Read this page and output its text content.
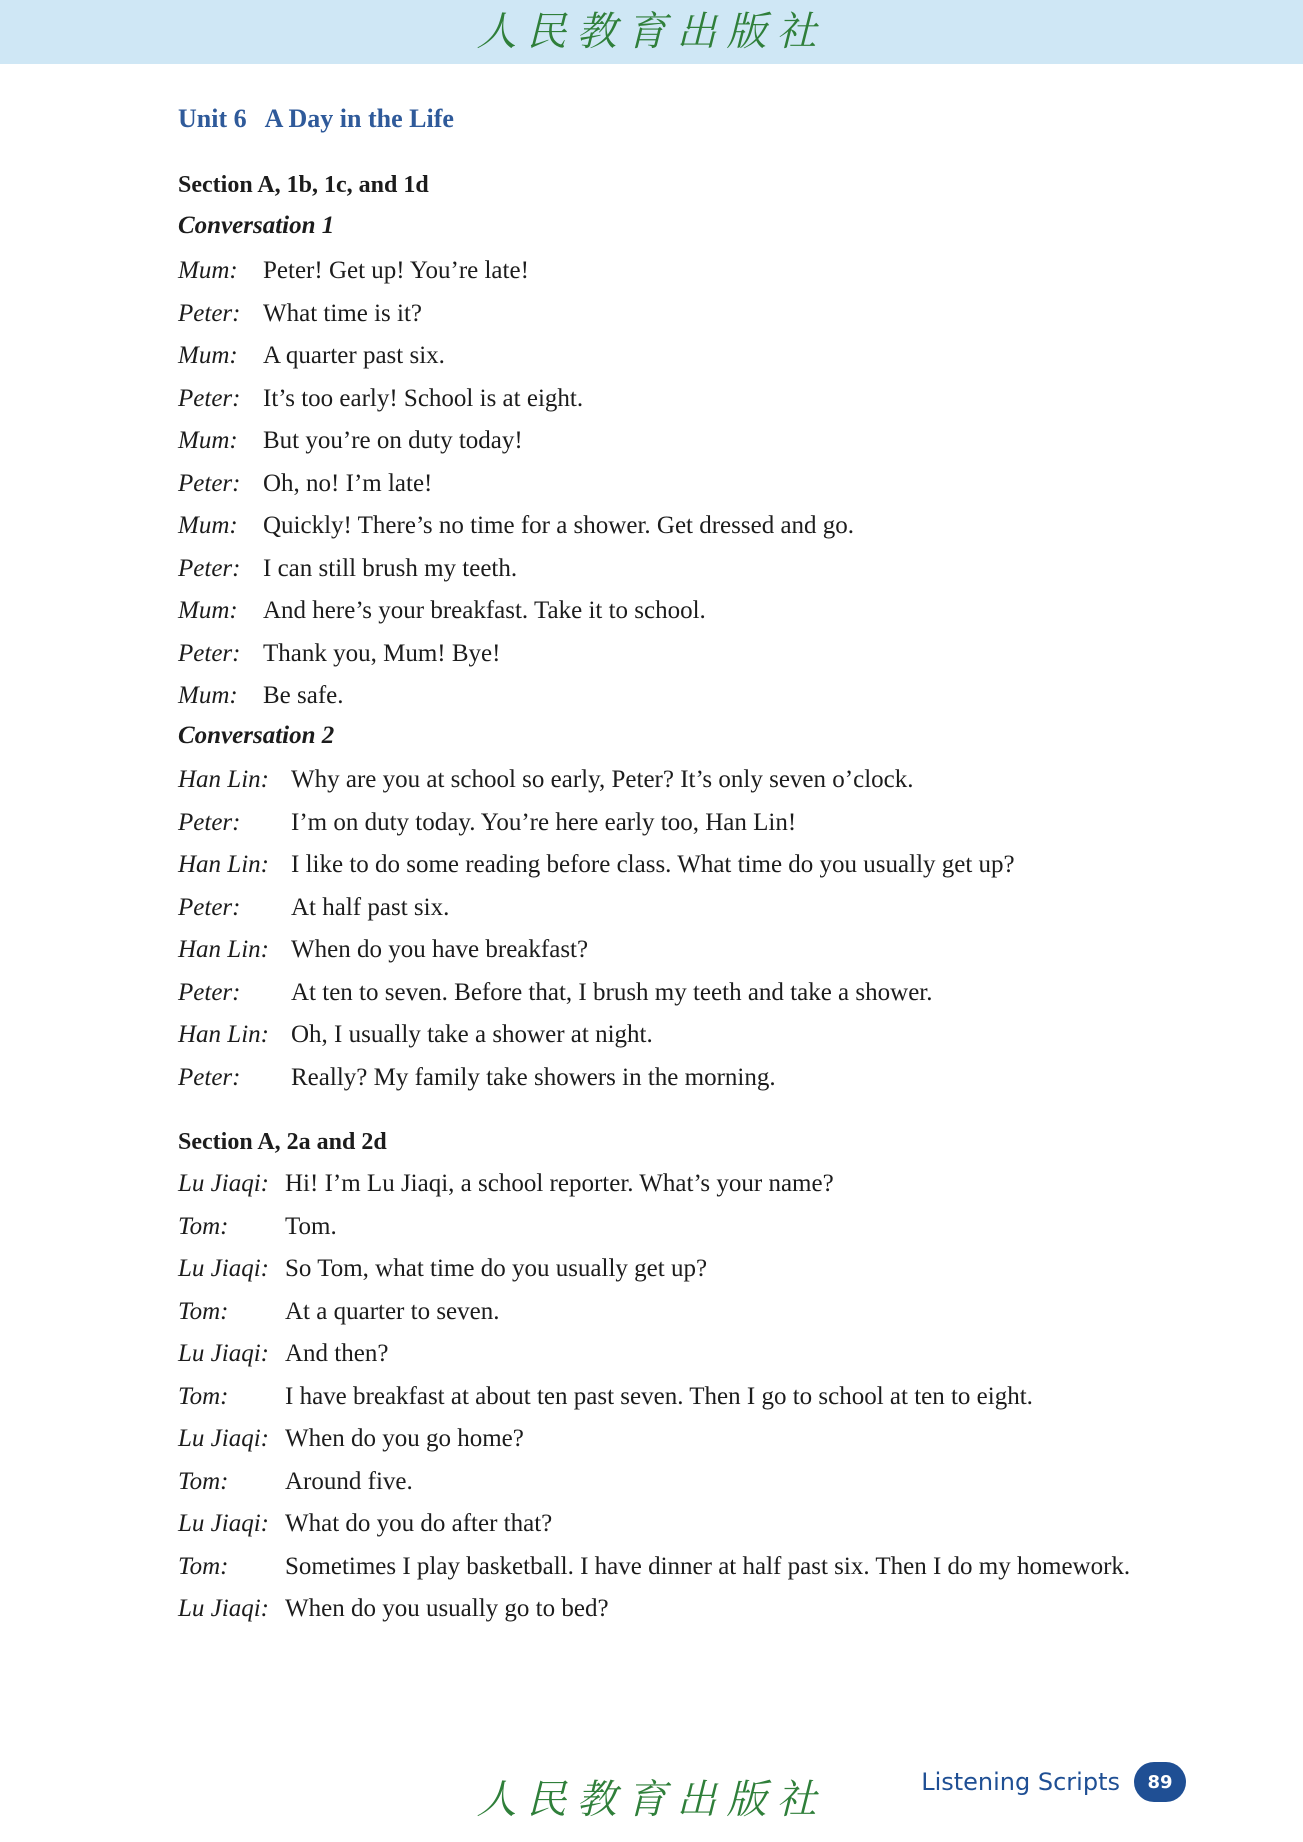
人民教育出版社
Unit 6   A Day in the Life
Section A, 1b, 1c, and 1d
Conversation 1
Mum:	Peter! Get up! You’re late!
Peter: What time is it?
Mum:	A quarter past six.
Peter: It’s too early! School is at eight.
Mum:	But you’re on duty today!
Peter: Oh, no! I’m late!
Mum:	Quickly! There’s no time for a shower. Get dressed and go.
Peter: I can still brush my teeth.
Mum:	And here’s your breakfast. Take it to school.
Peter: Thank you, Mum! Bye!
Mum:	Be safe.
Conversation 2
Han Lin: Why are you at school so early, Peter? It’s only seven o’clock.
Peter:	I’m on duty today. You’re here early too, Han Lin!
Han Lin: I like to do some reading before class. What time do you usually get up?
Peter:	At half past six.
Han Lin: When do you have breakfast?
Peter:	At ten to seven. Before that, I brush my teeth and take a shower.
Han Lin: Oh, I usually take a shower at night.
Peter:	Really? My family take showers in the morning.
Section A, 2a and 2d
Lu Jiaqi: Hi! I’m Lu Jiaqi, a school reporter. What’s your name?
Tom:	Tom.
Lu Jiaqi: So Tom, what time do you usually get up?
Tom:	At a quarter to seven.
Lu Jiaqi: And then?
Tom:	I have breakfast at about ten past seven. Then I go to school at ten to eight.
Lu Jiaqi: When do you go home?
Tom:	Around five.
Lu Jiaqi: What do you do after that?
Tom:	Sometimes I play basketball. I have dinner at half past six. Then I do my homework.
Lu Jiaqi: When do you usually go to bed?
人民教育出版社	Listening Scripts	89
